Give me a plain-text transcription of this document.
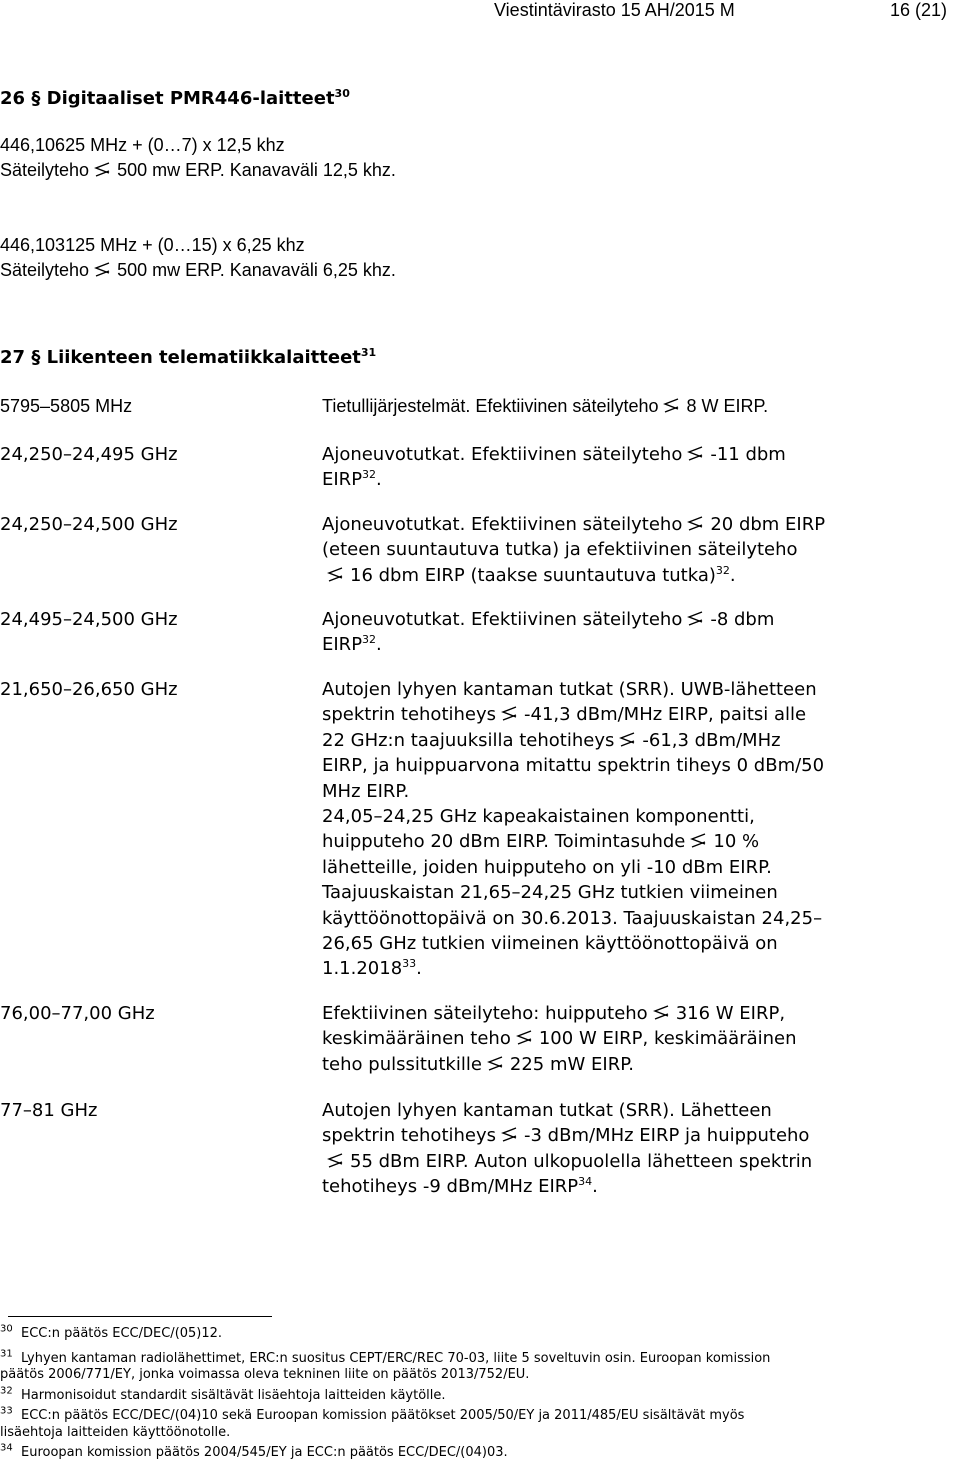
Viestintävirasto 15 AH/2015 M	16 (21)
26 § Digitaaliset PMR446-laitteet$^{30}$
446,10625 MHz + (0…7) x 12,5 khz
Säteilyteho 500 mw ERP. Kanavaväli 12,5 khz.
446,103125 MHz + (0…15) x 6,25 khz
Säteilyteho 500 mw ERP. Kanavaväli 6,25 khz.
27 § Liikenteen telematiikkalaitteet$^{31}$
5795–5805 MHz	Tietullijärjestelmät. Efektiivinen säteilyteho 8 W EIRP.
24,250–24,495 GHz	Ajoneuvotutkat. Efektiivinen säteilyteho -11 dbm
EIRP$^{32}$.
24,250–24,500 GHz	Ajoneuvotutkat. Efektiivinen säteilyteho 20 dbm EIRP
(eteen suuntautuva tutka) ja efektiivinen säteilyteho
16 dbm EIRP (taakse suuntautuva tutka)$^{32}$.
24,495–24,500 GHz	Ajoneuvotutkat. Efektiivinen säteilyteho -8 dbm
EIRP$^{32}$.
21,650–26,650 GHz	Autojen lyhyen kantaman tutkat (SRR). UWB-lähetteen
spektrin tehotiheys -41,3 dBm/MHz EIRP, paitsi alle
22 GHz:n taajuuksilla tehotiheys -61,3 dBm/MHz
EIRP, ja huippuarvona mitattu spektrin tiheys 0 dBm/50
MHz EIRP.
24,05–24,25 GHz kapeakaistainen komponentti,
huipputeho 20 dBm EIRP. Toimintasuhde 10 %
lähetteille, joiden huipputeho on yli -10 dBm EIRP.
Taajuuskaistan 21,65–24,25 GHz tutkien viimeinen
käyttöönottopäivä on 30.6.2013. Taajuuskaistan 24,25–
26,65 GHz tutkien viimeinen käyttöönottopäivä on
1.1.2018$^{33}$.
76,00–77,00 GHz	Efektiivinen säteilyteho: huipputeho 316 W EIRP,
keskimääräinen teho 100 W EIRP, keskimääräinen
teho pulssitutkille 225 mW EIRP.
77–81 GHz	Autojen lyhyen kantaman tutkat (SRR). Lähetteen
spektrin tehotiheys -3 dBm/MHz EIRP ja huipputeho
55 dBm EIRP. Auton ulkopuolella lähetteen spektrin
tehotiheys -9 dBm/MHz EIRP$^{34}$.
$^{30}$ ECC:n päätös ECC/DEC/(05)12.
$^{31}$ Lyhyen kantaman radiolähettimet, ERC:n suositus CEPT/ERC/REC 70-03, liite 5 soveltuvin osin. Euroopan komission
päätös 2006/771/EY, jonka voimassa oleva tekninen liite on päätös 2013/752/EU.
$^{32}$ Harmonisoidut standardit sisältävät lisäehtoja laitteiden käytölle.
$^{33}$ ECC:n päätös ECC/DEC/(04)10 sekä Euroopan komission päätökset 2005/50/EY ja 2011/485/EU sisältävät myös
lisäehtoja laitteiden käyttöönotolle.
$^{34}$ Euroopan komission päätös 2004/545/EY ja ECC:n päätös ECC/DEC/(04)03.
